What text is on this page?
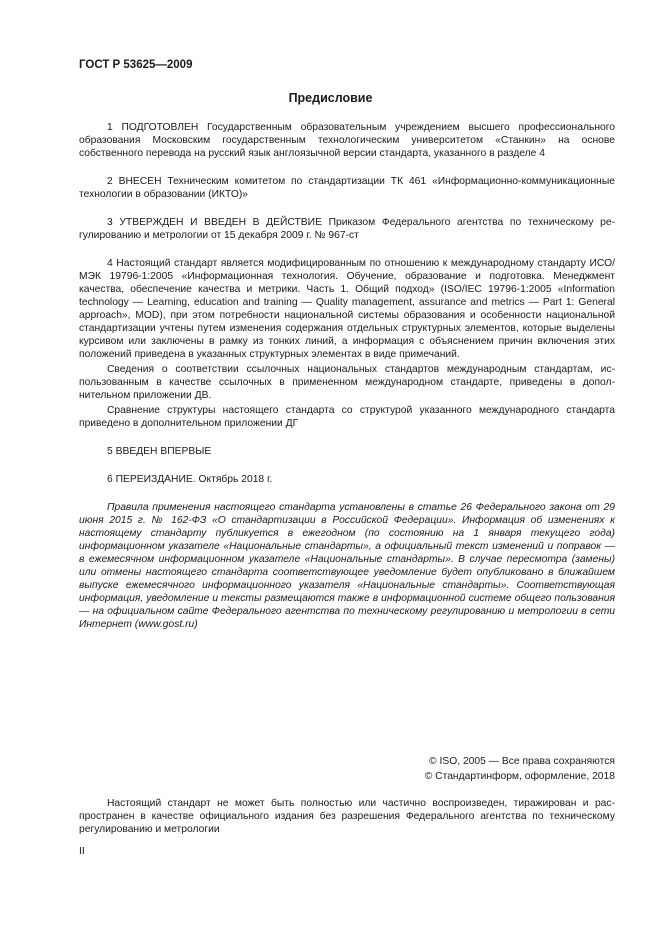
ГОСТ Р 53625—2009
Предисловие

1 ПОДГОТОВЛЕН Государственным образовательным учреждением высшего профессионального образования Московским государственным технологическим университетом «Станкин» на основе собственного перевода на русский язык англоязычной версии стандарта, указанного в разделе 4

2 ВНЕСЕН Техническим комитетом по стандартизации ТК 461 «Информационно-коммуникационные технологии в образовании (ИКТО)»

3 УТВЕРЖДЕН И ВВЕДЕН В ДЕЙСТВИЕ Приказом Федерального агентства по техническому регулированию и метрологии от 15 декабря 2009 г. № 967-ст

4 Настоящий стандарт является модифицированным по отношению к международному стандарту ИСО/МЭК 19796-1:2005 «Информационная технология. Обучение, образование и подготовка. Менеджмент качества, обеспечение качества и метрики. Часть 1. Общий подход» (ISO/IEC 19796-1:2005 «Information technology — Learning, education and training — Quality management, assurance and metrics — Part 1: General approach», MOD), при этом потребности национальной системы образования и особенности национальной стандартизации учтены путем изменения содержания отдельных структурных элементов, которые выделены курсивом или заключены в рамку из тонких линий, а информация с объяснением причин включения этих положений приведена в указанных структурных элементах в виде примечаний.

Сведения о соответствии ссылочных национальных стандартов международным стандартам, использованным в качестве ссылочных в примененном международном стандарте, приведены в дополнительном приложении ДВ.

Сравнение структуры настоящего стандарта со структурой указанного международного стандарта приведено в дополнительном приложении ДГ

5 ВВЕДЕН ВПЕРВЫЕ

6 ПЕРЕИЗДАНИЕ. Октябрь 2018 г.

Правила применения настоящего стандарта установлены в статье 26 Федерального закона от 29 июня 2015 г. № 162-ФЗ «О стандартизации в Российской Федерации». Информация об изменениях к настоящему стандарту публикуется в ежегодном (по состоянию на 1 января текущего года) информационном указателе «Национальные стандарты», а официальный текст изменений и поправок — в ежемесячном информационном указателе «Национальные стандарты». В случае пересмотра (замены) или отмены настоящего стандарта соответствующее уведомление будет опубликовано в ближайшем выпуске ежемесячного информационного указателя «Национальные стандарты». Соответствующая информация, уведомление и тексты размещаются также в информационной системе общего пользования — на официальном сайте Федерального агентства по техническому регулированию и метрологии в сети Интернет (www.gost.ru)

© ISO, 2005 — Все права сохраняются
© Стандартинформ, оформление, 2018

Настоящий стандарт не может быть полностью или частично воспроизведен, тиражирован и распространен в качестве официального издания без разрешения Федерального агентства по техническому регулированию и метрологии

II
